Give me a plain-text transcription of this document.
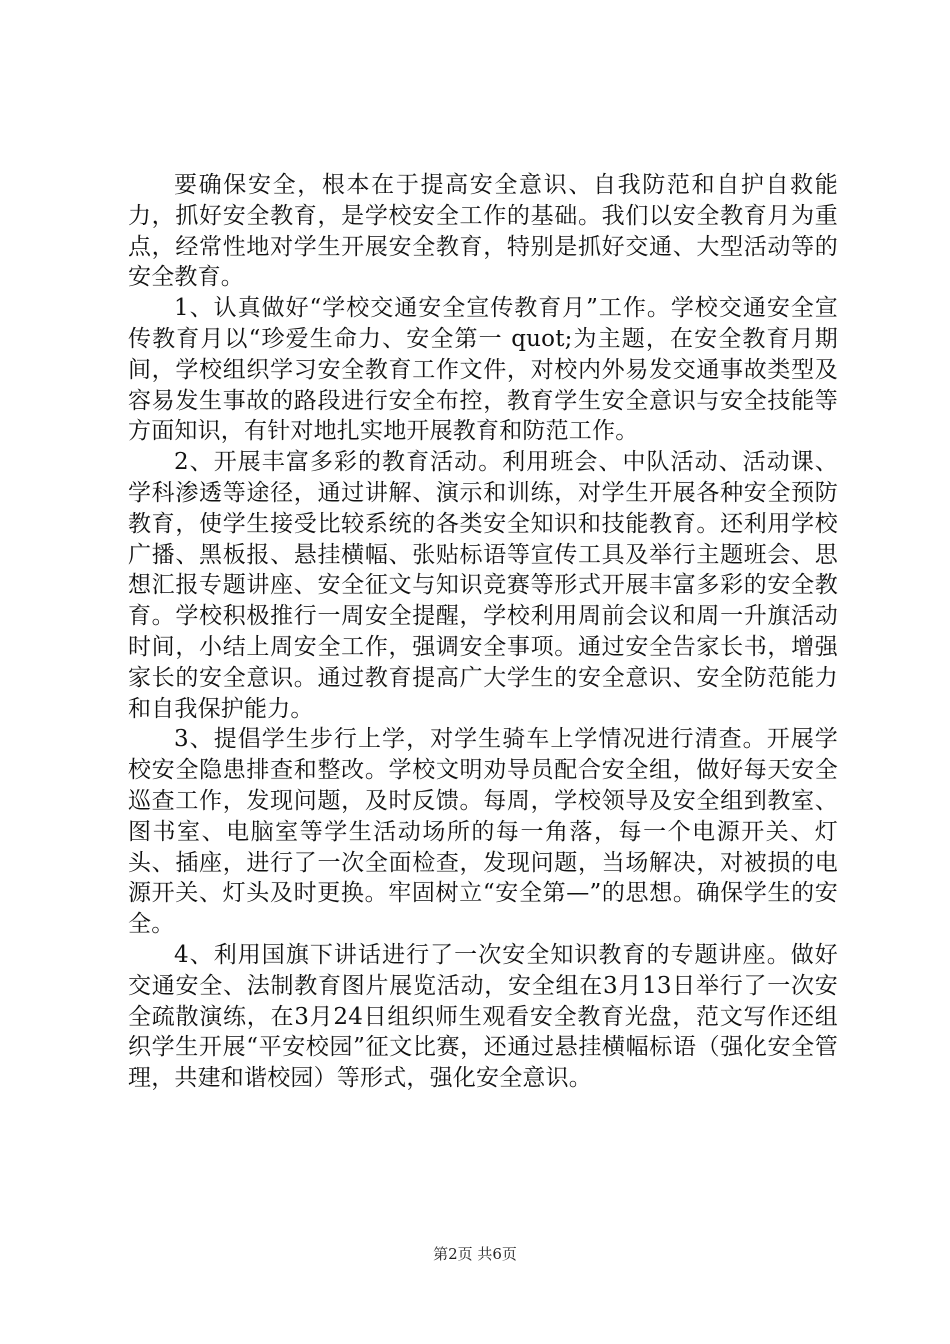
要确保安全，根本在于提高安全意识、自我防范和自护自救能力，抓好安全教育，是学校安全工作的基础。我们以安全教育月为重点，经常性地对学生开展安全教育，特别是抓好交通、大型活动等的安全教育。

1、认真做好“学校交通安全宣传教育月”工作。学校交通安全宣传教育月以“珍爱生命力、安全第一 quot;为主题，在安全教育月期间，学校组织学习安全教育工作文件，对校内外易发交通事故类型及容易发生事故的路段进行安全布控，教育学生安全意识与安全技能等方面知识，有针对地扎实地开展教育和防范工作。

2、开展丰富多彩的教育活动。利用班会、中队活动、活动课、学科渗透等途径，通过讲解、演示和训练，对学生开展各种安全预防教育，使学生接受比较系统的各类安全知识和技能教育。还利用学校广播、黑板报、悬挂横幅、张贴标语等宣传工具及举行主题班会、思想汇报专题讲座、安全征文与知识竞赛等形式开展丰富多彩的安全教育。学校积极推行一周安全提醒，学校利用周前会议和周一升旗活动时间，小结上周安全工作，强调安全事项。通过安全告家长书，增强家长的安全意识。通过教育提高广大学生的安全意识、安全防范能力和自我保护能力。

3、提倡学生步行上学，对学生骑车上学情况进行清查。开展学校安全隐患排查和整改。学校文明劝导员配合安全组，做好每天安全巡查工作，发现问题，及时反馈。每周，学校领导及安全组到教室、图书室、电脑室等学生活动场所的每一角落，每一个电源开关、灯头、插座，进行了一次全面检查，发现问题，当场解决，对被损的电源开关、灯头及时更换。牢固树立“安全第—”的思想。确保学生的安全。

4、利用国旗下讲话进行了一次安全知识教育的专题讲座。做好交通安全、法制教育图片展览活动，安全组在3月13日举行了一次安全疏散演练，在3月24日组织师生观看安全教育光盘，范文写作还组织学生开展“平安校园”征文比赛，还通过悬挂横幅标语（强化安全管理，共建和谐校园）等形式，强化安全意识。

第2页 共6页
